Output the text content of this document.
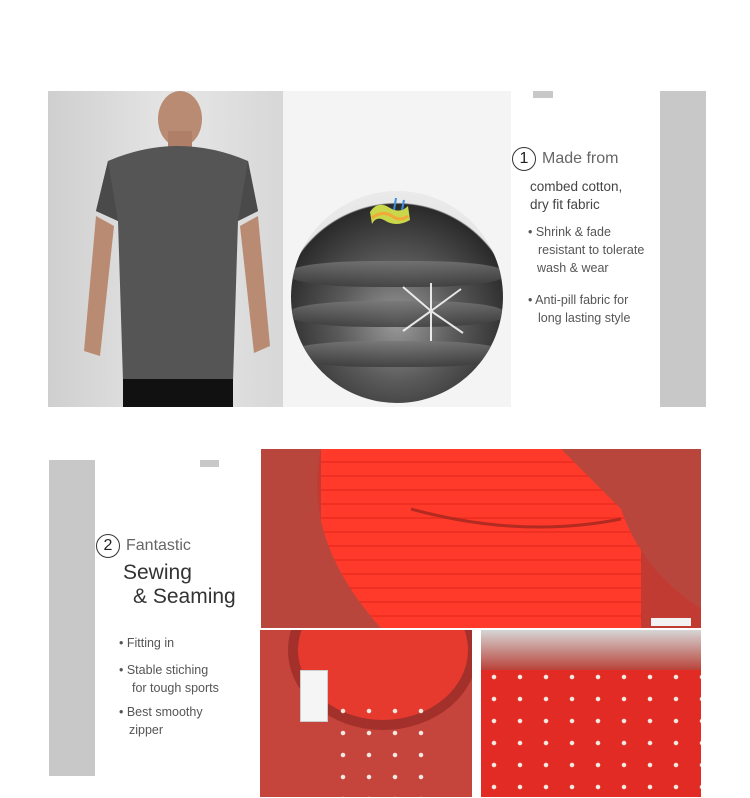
1 Made from
combed cotton,
dry fit fabric
• Shrink & fade
resistant to tolerate
wash & wear
• Anti-pill fabric for
long lasting style
2 Fantastic
Sewing
& Seaming
• Fitting in
• Stable stiching
for tough sports
• Best smoothy
zipper
